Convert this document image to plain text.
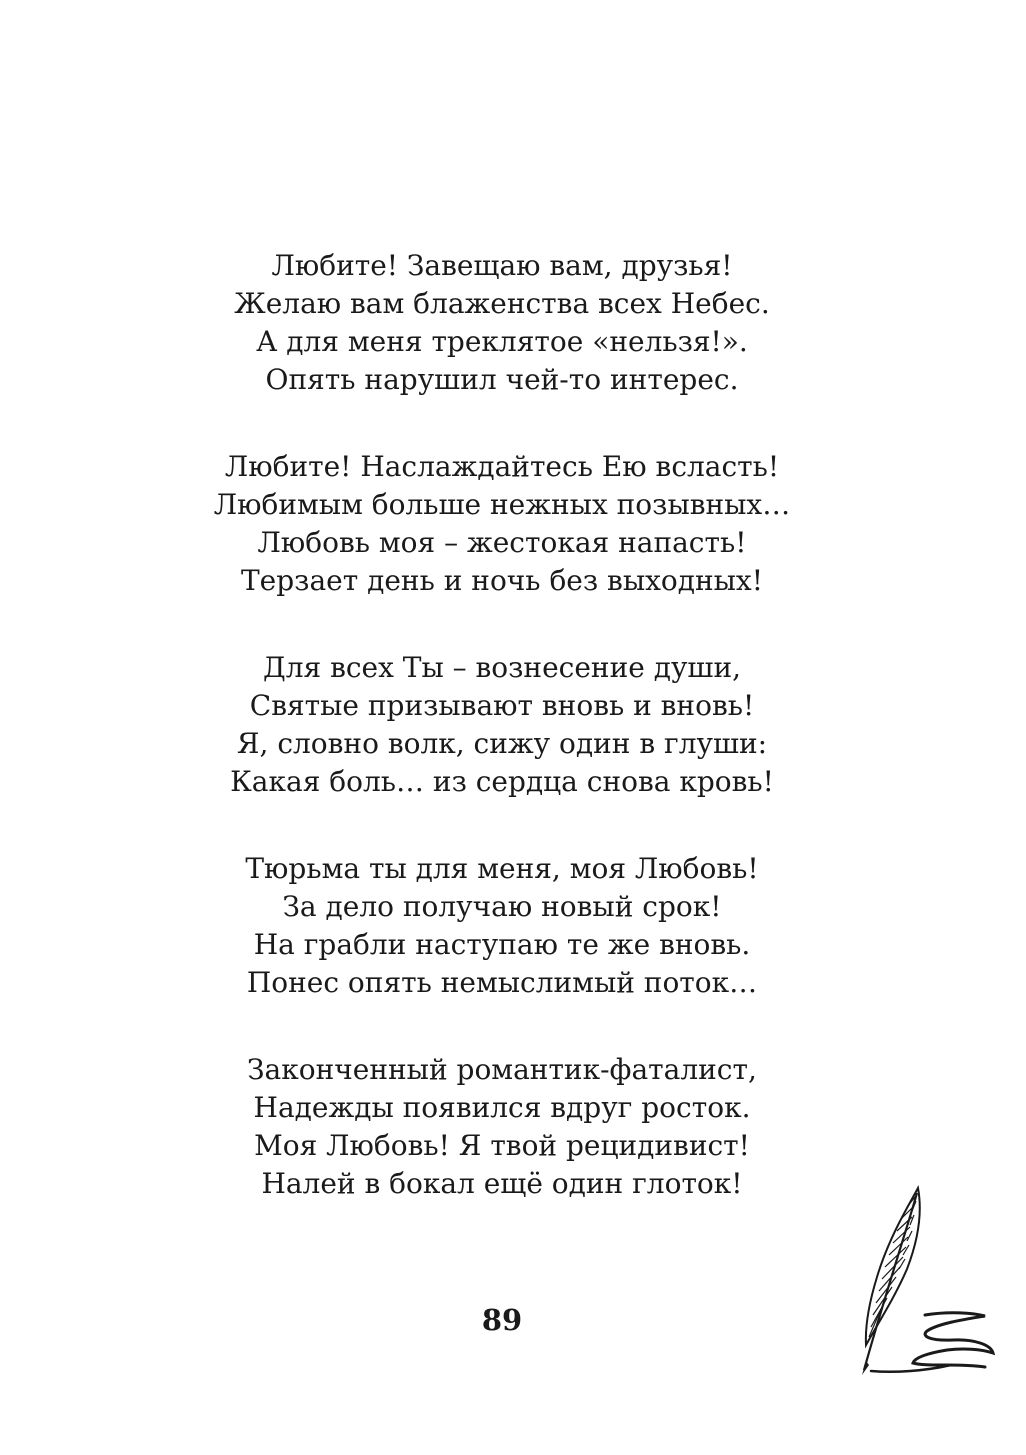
Любите! Завещаю вам, друзья!
Желаю вам блаженства всех Небес.
А для меня треклятое «нельзя!».
Опять нарушил чей-то интерес.
Любите! Наслаждайтесь Ею всласть!
Любимым больше нежных позывных…
Любовь моя – жестокая напасть!
Терзает день и ночь без выходных!
Для всех Ты – вознесение души,
Святые призывают вновь и вновь!
Я, словно волк, сижу один в глуши:
Какая боль… из сердца снова кровь!
Тюрьма ты для меня, моя Любовь!
За дело получаю новый срок!
На грабли наступаю те же вновь.
Понес опять немыслимый поток…
Законченный романтик-фаталист,
Надежды появился вдруг росток.
Моя Любовь! Я твой рецидивист!
Налей в бокал ещё один глоток!
89
